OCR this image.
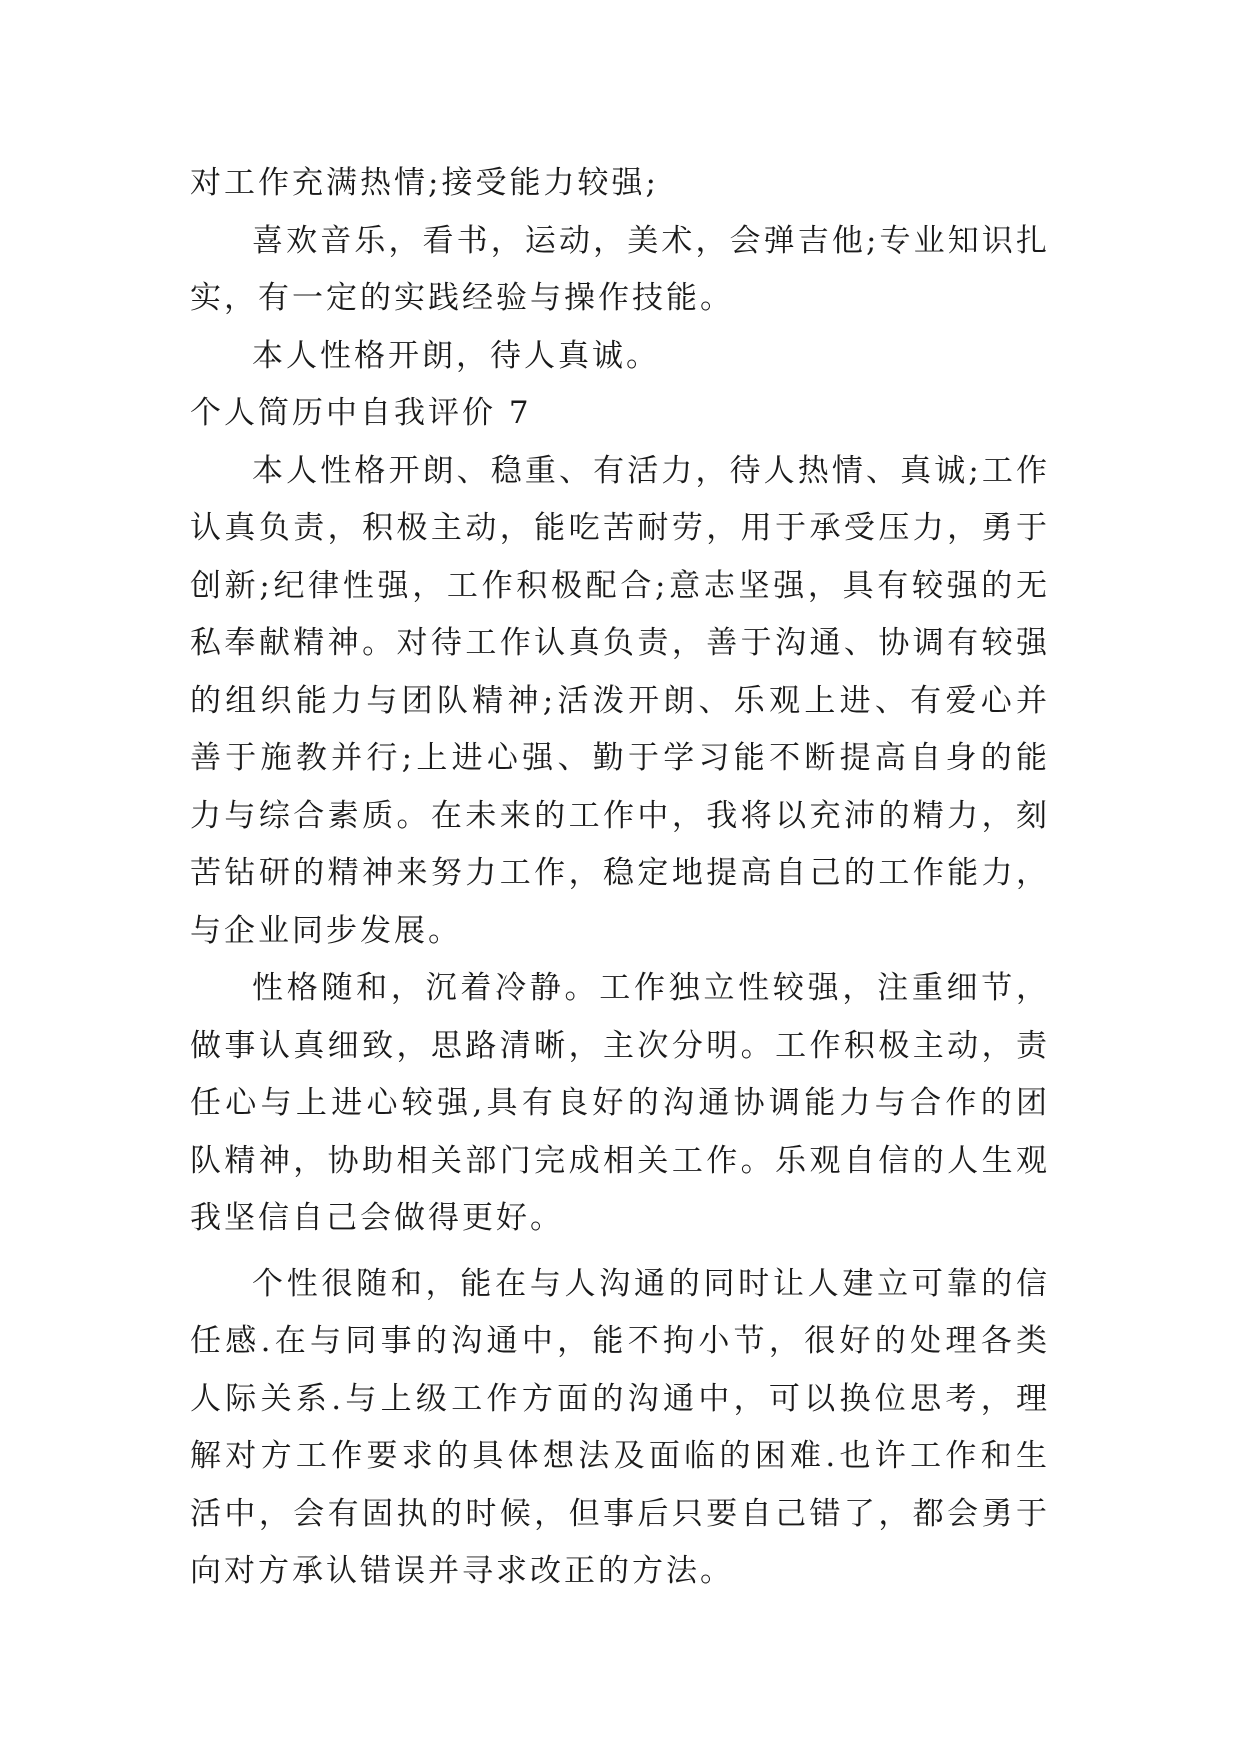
对工作充满热情;接受能力较强;

喜欢音乐，看书，运动，美术，会弹吉他;专业知识扎实，有一定的实践经验与操作技能。

本人性格开朗，待人真诚。

个人简历中自我评价 7

本人性格开朗、稳重、有活力，待人热情、真诚;工作认真负责，积极主动，能吃苦耐劳，用于承受压力，勇于创新;纪律性强，工作积极配合;意志坚强，具有较强的无私奉献精神。对待工作认真负责，善于沟通、协调有较强的组织能力与团队精神;活泼开朗、乐观上进、有爱心并善于施教并行;上进心强、勤于学习能不断提高自身的能力与综合素质。在未来的工作中，我将以充沛的精力，刻苦钻研的精神来努力工作，稳定地提高自己的工作能力，与企业同步发展。

性格随和，沉着冷静。工作独立性较强，注重细节，做事认真细致，思路清晰，主次分明。工作积极主动，责任心与上进心较强,具有良好的沟通协调能力与合作的团队精神，协助相关部门完成相关工作。乐观自信的人生观我坚信自己会做得更好。

个性很随和，能在与人沟通的同时让人建立可靠的信任感.在与同事的沟通中，能不拘小节，很好的处理各类人际关系.与上级工作方面的沟通中，可以换位思考，理解对方工作要求的具体想法及面临的困难.也许工作和生活中，会有固执的时候，但事后只要自己错了，都会勇于向对方承认错误并寻求改正的方法。
